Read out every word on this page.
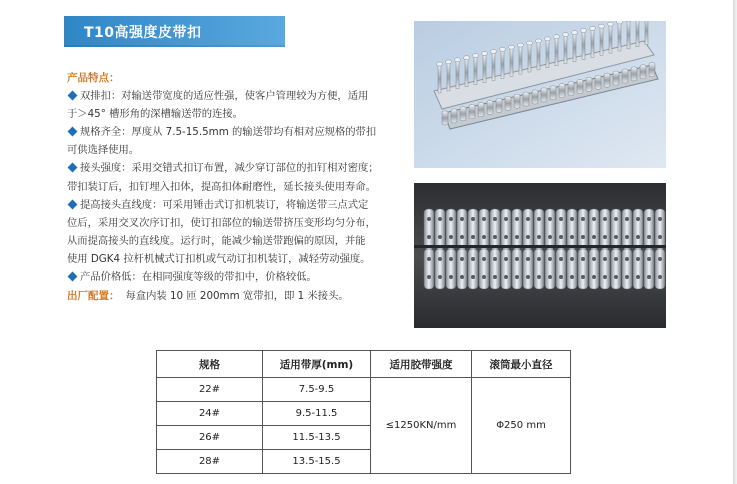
T10高强度皮带扣

产品特点：

双排扣：对输送带宽度的适应性强，使客户管理较为方便，适用

于＞45° 槽形角的深槽输送带的连接。

规格齐全：厚度从 7.5-15.5mm 的输送带均有相对应规格的带扣

可供选择使用。

接头强度：采用交错式扣订布置，减少穿订部位的扣钉相对密度；

带扣装订后，扣钉埋入扣体，提高扣体耐磨性，延长接头使用寿命。

提高接头直线度：可采用锤击式订扣机装订，将输送带三点式定

位后，采用交叉次序订扣，使订扣部位的输送带挤压变形均匀分布，

从而提高接头的直线度。运行时，能减少输送带跑偏的原因，并能

使用 DGK4 拉杆机械式订扣机或气动订扣机装订，减轻劳动强度。

产品价格低：在相同强度等级的带扣中，价格较低。

出厂配置： 每盒内装 10 匝 200mm 宽带扣，即 1 米接头。

规格	适用带厚(mm)	适用胶带强度	滚筒最小直径
22#	7.5-9.5	≤1250KN/mm	Φ250 mm
24#	9.5-11.5		
26#	11.5-13.5		
28#	13.5-15.5		
